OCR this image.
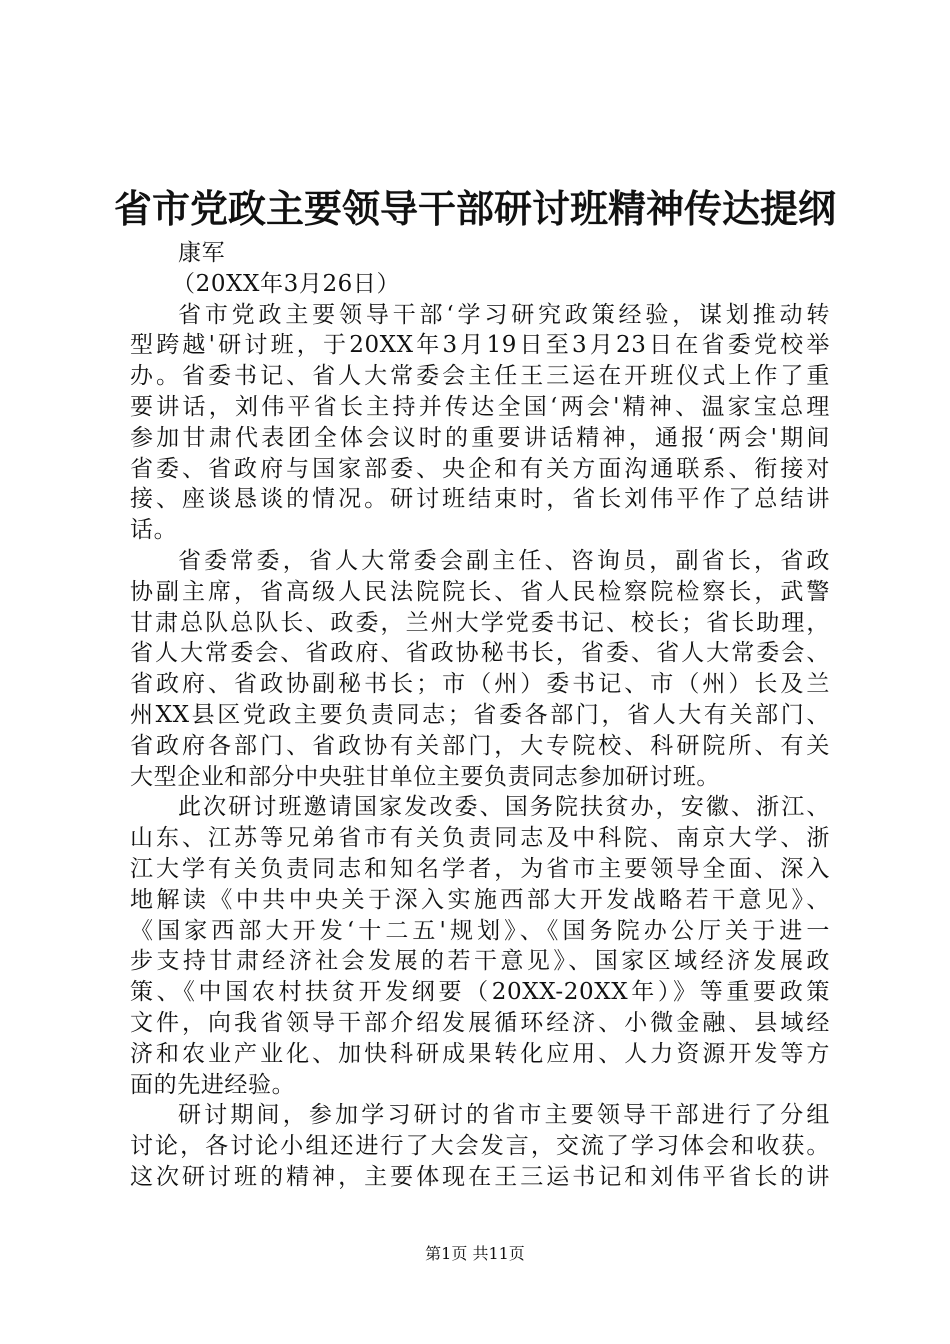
省市党政主要领导干部研讨班精神传达提纲
康军
（20XX年3月26日）
省市党政主要领导干部‘学习研究政策经验，谋划推动转
型跨越'研讨班，于20XX年3月19日至3月23日在省委党校举
办。省委书记、省人大常委会主任王三运在开班仪式上作了重
要讲话，刘伟平省长主持并传达全国‘两会'精神、温家宝总理
参加甘肃代表团全体会议时的重要讲话精神，通报‘两会'期间
省委、省政府与国家部委、央企和有关方面沟通联系、衔接对
接、座谈恳谈的情况。研讨班结束时，省长刘伟平作了总结讲
话。
省委常委，省人大常委会副主任、咨询员，副省长，省政
协副主席，省高级人民法院院长、省人民检察院检察长，武警
甘肃总队总队长、政委，兰州大学党委书记、校长；省长助理，
省人大常委会、省政府、省政协秘书长，省委、省人大常委会、
省政府、省政协副秘书长；市（州）委书记、市（州）长及兰
州XX县区党政主要负责同志；省委各部门，省人大有关部门、
省政府各部门、省政协有关部门，大专院校、科研院所、有关
大型企业和部分中央驻甘单位主要负责同志参加研讨班。
此次研讨班邀请国家发改委、国务院扶贫办，安徽、浙江、
山东、江苏等兄弟省市有关负责同志及中科院、南京大学、浙
江大学有关负责同志和知名学者，为省市主要领导全面、深入
地解读《中共中央关于深入实施西部大开发战略若干意见》、
《国家西部大开发‘十二五'规划》、《国务院办公厅关于进一
步支持甘肃经济社会发展的若干意见》、国家区域经济发展政
策、《中国农村扶贫开发纲要（20XX-20XX年）》等重要政策
文件，向我省领导干部介绍发展循环经济、小微金融、县域经
济和农业产业化、加快科研成果转化应用、人力资源开发等方
面的先进经验。
研讨期间，参加学习研讨的省市主要领导干部进行了分组
讨论，各讨论小组还进行了大会发言，交流了学习体会和收获。
这次研讨班的精神，主要体现在王三运书记和刘伟平省长的讲
第1页 共11页
